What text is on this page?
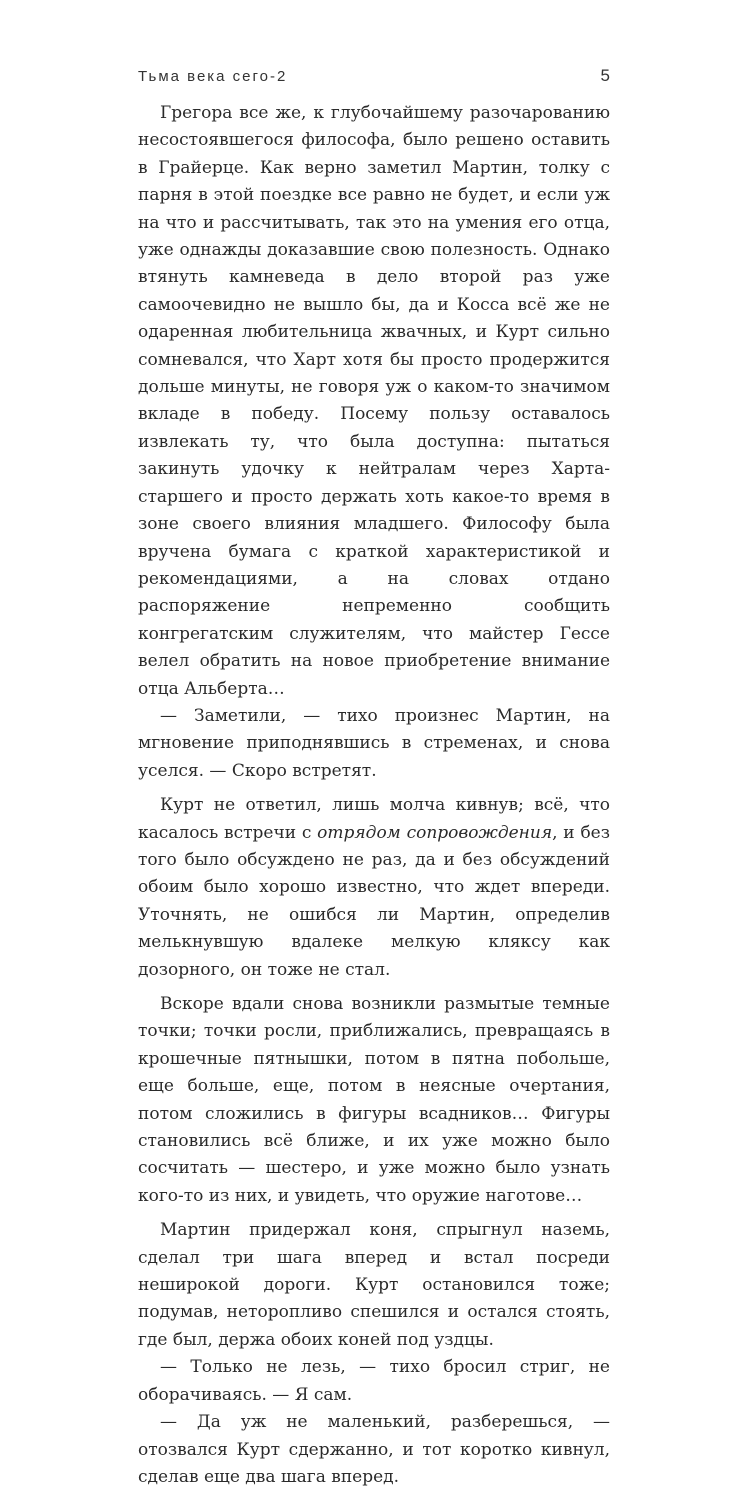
Тьма века сего-2	5

Грегора все же, к глубочайшему разочарованию несостоявшегося философа, было решено оставить в Грайерце. Как верно заметил Мартин, толку с парня в этой поездке все равно не будет, и если уж на что и рассчитывать, так это на умения его отца, уже однажды доказавшие свою полезность. Однако втянуть камневеда в дело второй раз уже самоочевидно не вышло бы, да и Косса всё же не одаренная любительница жвачных, и Курт сильно сомневался, что Харт хотя бы просто продержится дольше минуты, не говоря уж о каком-то значимом вкладе в победу. Посему пользу оставалось извлекать ту, что была доступна: пытаться закинуть удочку к нейтралам через Харта-старшего и просто держать хоть какое-то время в зоне своего влияния младшего. Философу была вручена бумага с краткой характеристикой и рекомендациями, а на словах отдано распоряжение непременно сообщить конгрегатским служителям, что майстер Гессе велел обратить на новое приобретение внимание отца Альберта…

— Заметили, — тихо произнес Мартин, на мгновение приподнявшись в стременах, и снова уселся. — Скоро встретят.

Курт не ответил, лишь молча кивнув; всё, что касалось встречи с отрядом сопровождения, и без того было обсуждено не раз, да и без обсуждений обоим было хорошо известно, что ждет впереди. Уточнять, не ошибся ли Мартин, определив мелькнувшую вдалеке мелкую кляксу как дозорного, он тоже не стал.

Вскоре вдали снова возникли размытые темные точки; точки росли, приближались, превращаясь в крошечные пятнышки, потом в пятна побольше, еще больше, еще, потом в неясные очертания, потом сложились в фигуры всадников… Фигуры становились всё ближе, и их уже можно было сосчитать — шестеро, и уже можно было узнать кого-то из них, и увидеть, что оружие наготове…

Мартин придержал коня, спрыгнул наземь, сделал три шага вперед и встал посреди неширокой дороги. Курт остановился тоже; подумав, неторопливо спешился и остался стоять, где был, держа обоих коней под уздцы.

— Только не лезь, — тихо бросил стриг, не оборачиваясь. — Я сам.

— Да уж не маленький, разберешься, — отозвался Курт сдержанно, и тот коротко кивнул, сделав еще два шага вперед.
